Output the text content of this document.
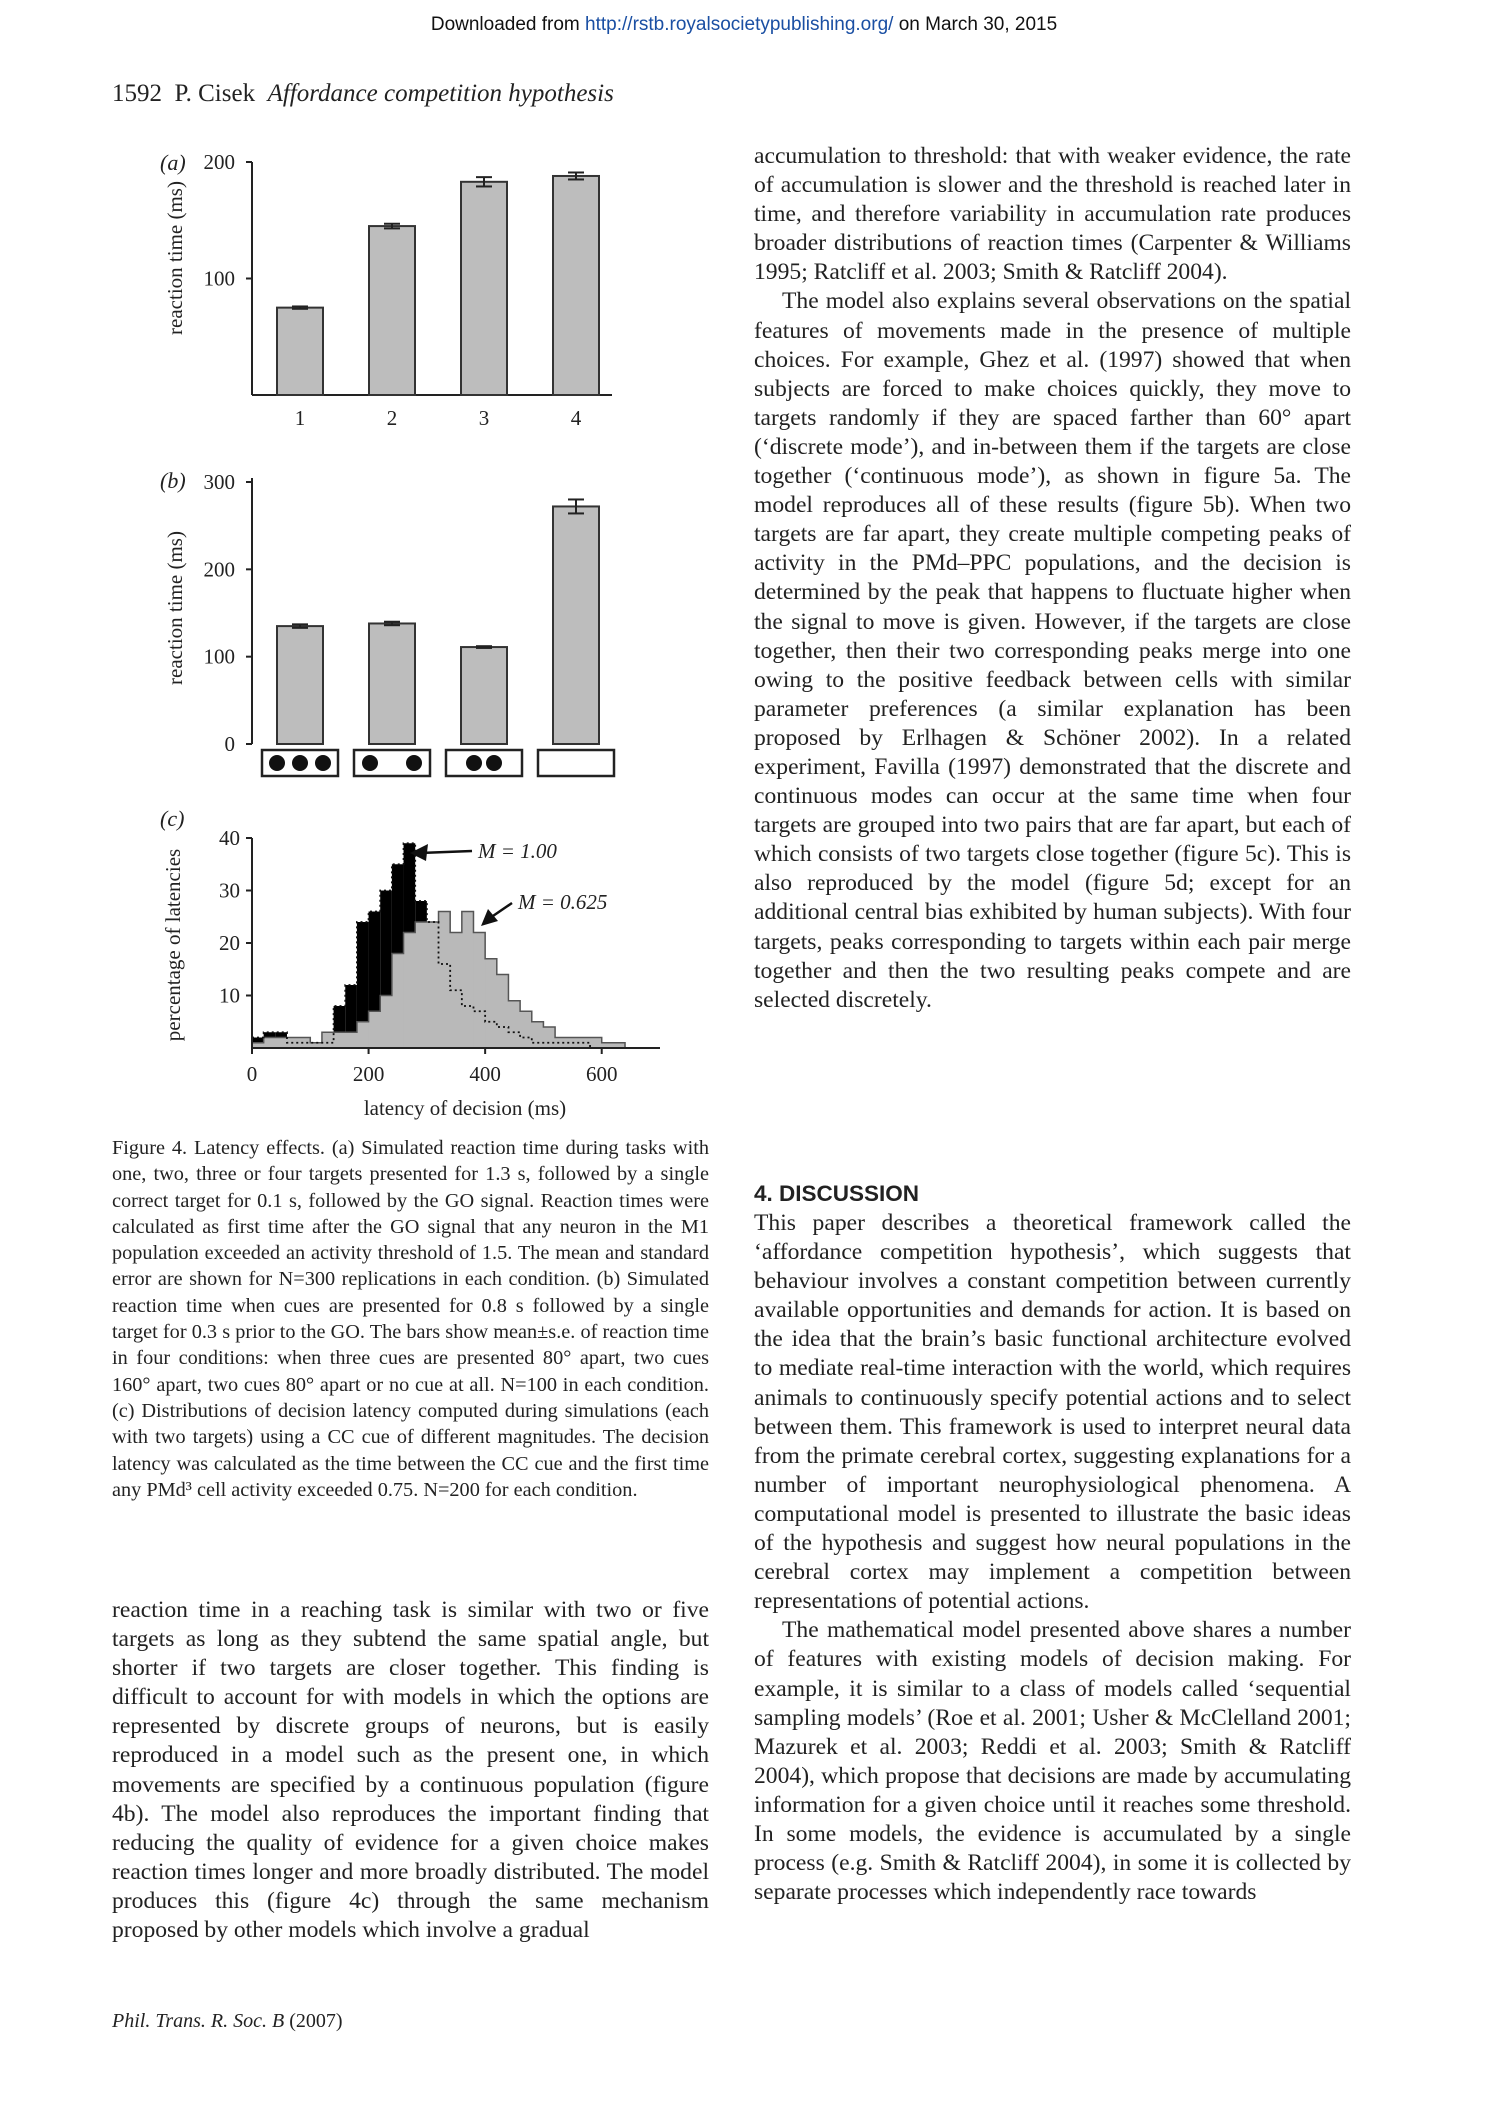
Downloaded from http://rstb.royalsocietypublishing.org/ on March 30, 2015
1592 P. Cisek Affordance competition hypothesis
(a)
reaction time (ms) 100
200
1	2	3	4
(b)
reaction time (ms)
0
100
200
300
(c)
percentage of latencies
latency of decision (ms)
10
20
30
40
0	200	400	600
M = 1.00
M = 0.625
Figure 4. Latency effects. (a) Simulated reaction time during tasks with one, two, three or four targets presented for 1.3 s, followed by a single correct target for 0.1 s, followed by the GO signal. Reaction times were calculated as first time after the GO signal that any neuron in the M1 population exceeded an activity threshold of 1.5. The mean and standard error are shown for N=300 replications in each condition. (b) Simulated reaction time when cues are presented for 0.8 s followed by a single target for 0.3 s prior to the GO. The bars show mean±s.e. of reaction time in four conditions: when three cues are presented 80° apart, two cues 160° apart, two cues 80° apart or no cue at all. N=100 in each condition. (c) Distributions of decision latency computed during simulations (each with two targets) using a CC cue of different magnitudes. The decision latency was calculated as the time between the CC cue and the first time any PMd³ cell activity exceeded 0.75. N=200 for each condition.
reaction time in a reaching task is similar with two or five targets as long as they subtend the same spatial angle, but shorter if two targets are closer together. This finding is difficult to account for with models in which the options are represented by discrete groups of neurons, but is easily reproduced in a model such as the present one, in which movements are specified by a continuous population (figure 4b). The model also reproduces the important finding that reducing the quality of evidence for a given choice makes reaction times longer and more broadly distributed. The model produces this (figure 4c) through the same mechanism proposed by other models which involve a gradual

accumulation to threshold: that with weaker evidence, the rate of accumulation is slower and the threshold is reached later in time, and therefore variability in accumulation rate produces broader distributions of reaction times (Carpenter & Williams 1995; Ratcliff et al. 2003; Smith & Ratcliff 2004).

The model also explains several observations on the spatial features of movements made in the presence of multiple choices. For example, Ghez et al. (1997) showed that when subjects are forced to make choices quickly, they move to targets randomly if they are spaced farther than 60° apart (‘discrete mode’), and in-between them if the targets are close together (‘continuous mode’), as shown in figure 5a. The model reproduces all of these results (figure 5b). When two targets are far apart, they create multiple competing peaks of activity in the PMd–PPC populations, and the decision is determined by the peak that happens to fluctuate higher when the signal to move is given. However, if the targets are close together, then their two corresponding peaks merge into one owing to the positive feedback between cells with similar parameter preferences (a similar explanation has been proposed by Erlhagen & Schöner 2002). In a related experiment, Favilla (1997) demonstrated that the discrete and continuous modes can occur at the same time when four targets are grouped into two pairs that are far apart, but each of which consists of two targets close together (figure 5c). This is also reproduced by the model (figure 5d; except for an additional central bias exhibited by human subjects). With four targets, peaks corresponding to targets within each pair merge together and then the two resulting peaks compete and are selected discretely.

4. DISCUSSION

This paper describes a theoretical framework called the ‘affordance competition hypothesis’, which suggests that behaviour involves a constant competition between currently available opportunities and demands for action. It is based on the idea that the brain’s basic functional architecture evolved to mediate real-time interaction with the world, which requires animals to continuously specify potential actions and to select between them. This framework is used to interpret neural data from the primate cerebral cortex, suggesting explanations for a number of important neurophysiological phenomena. A computational model is presented to illustrate the basic ideas of the hypothesis and suggest how neural populations in the cerebral cortex may implement a competition between representations of potential actions.

The mathematical model presented above shares a number of features with existing models of decision making. For example, it is similar to a class of models called ‘sequential sampling models’ (Roe et al. 2001; Usher & McClelland 2001; Mazurek et al. 2003; Reddi et al. 2003; Smith & Ratcliff 2004), which propose that decisions are made by accumulating information for a given choice until it reaches some threshold. In some models, the evidence is accumulated by a single process (e.g. Smith & Ratcliff 2004), in some it is collected by separate processes which independently race towards

Phil. Trans. R. Soc. B (2007)
